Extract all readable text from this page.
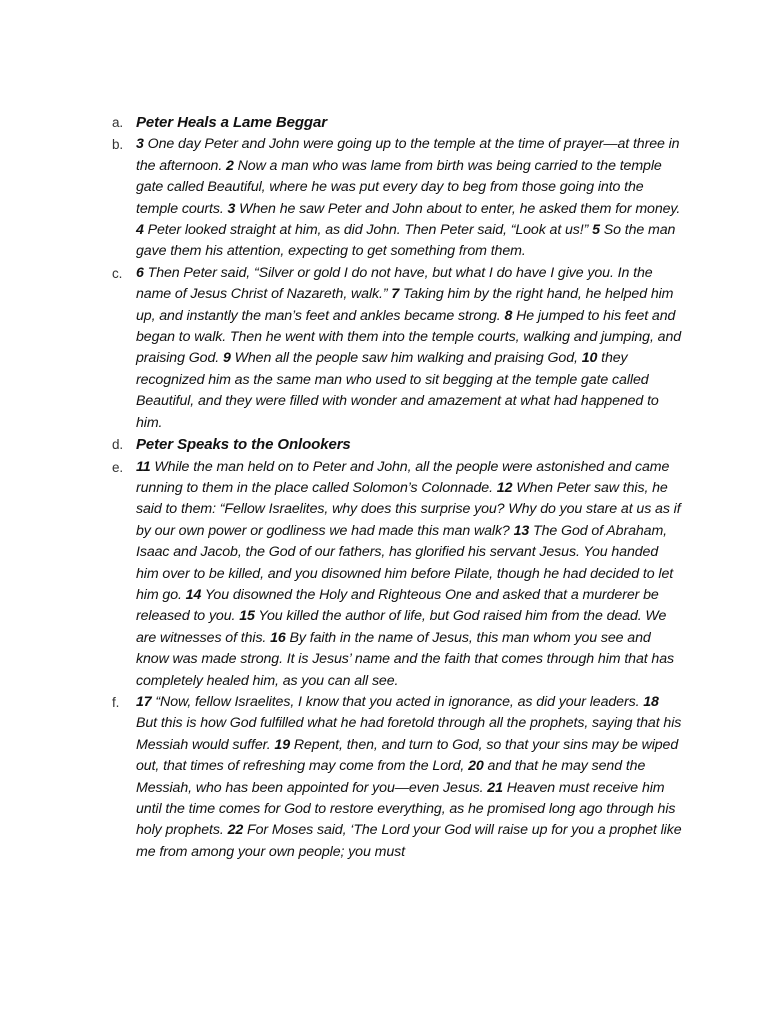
a. Peter Heals a Lame Beggar
b. 3 One day Peter and John were going up to the temple at the time of prayer—at three in the afternoon. 2 Now a man who was lame from birth was being carried to the temple gate called Beautiful, where he was put every day to beg from those going into the temple courts. 3 When he saw Peter and John about to enter, he asked them for money. 4 Peter looked straight at him, as did John. Then Peter said, “Look at us!” 5 So the man gave them his attention, expecting to get something from them.
c. 6 Then Peter said, “Silver or gold I do not have, but what I do have I give you. In the name of Jesus Christ of Nazareth, walk.” 7 Taking him by the right hand, he helped him up, and instantly the man’s feet and ankles became strong. 8 He jumped to his feet and began to walk. Then he went with them into the temple courts, walking and jumping, and praising God. 9 When all the people saw him walking and praising God, 10 they recognized him as the same man who used to sit begging at the temple gate called Beautiful, and they were filled with wonder and amazement at what had happened to him.
d. Peter Speaks to the Onlookers
e. 11 While the man held on to Peter and John, all the people were astonished and came running to them in the place called Solomon’s Colonnade. 12 When Peter saw this, he said to them: “Fellow Israelites, why does this surprise you? Why do you stare at us as if by our own power or godliness we had made this man walk? 13 The God of Abraham, Isaac and Jacob, the God of our fathers, has glorified his servant Jesus. You handed him over to be killed, and you disowned him before Pilate, though he had decided to let him go. 14 You disowned the Holy and Righteous One and asked that a murderer be released to you. 15 You killed the author of life, but God raised him from the dead. We are witnesses of this. 16 By faith in the name of Jesus, this man whom you see and know was made strong. It is Jesus’ name and the faith that comes through him that has completely healed him, as you can all see.
f. 17 “Now, fellow Israelites, I know that you acted in ignorance, as did your leaders. 18 But this is how God fulfilled what he had foretold through all the prophets, saying that his Messiah would suffer. 19 Repent, then, and turn to God, so that your sins may be wiped out, that times of refreshing may come from the Lord, 20 and that he may send the Messiah, who has been appointed for you—even Jesus. 21 Heaven must receive him until the time comes for God to restore everything, as he promised long ago through his holy prophets. 22 For Moses said, ‘The Lord your God will raise up for you a prophet like me from among your own people; you must
